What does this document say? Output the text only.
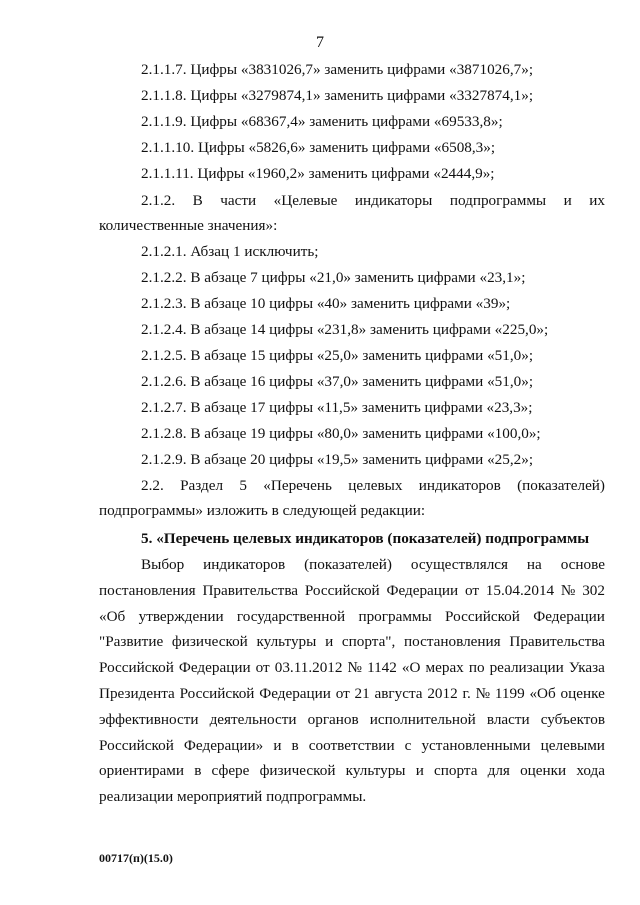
7
2.1.1.7. Цифры «3831026,7» заменить цифрами «3871026,7»;
2.1.1.8. Цифры «3279874,1» заменить цифрами «3327874,1»;
2.1.1.9. Цифры «68367,4» заменить цифрами «69533,8»;
2.1.1.10. Цифры «5826,6» заменить цифрами «6508,3»;
2.1.1.11. Цифры «1960,2» заменить цифрами «2444,9»;
2.1.2. В части «Целевые индикаторы подпрограммы и их
количественные значения»:
2.1.2.1. Абзац 1 исключить;
2.1.2.2. В абзаце 7 цифры «21,0» заменить цифрами «23,1»;
2.1.2.3. В абзаце 10 цифры «40» заменить цифрами «39»;
2.1.2.4. В абзаце 14 цифры «231,8» заменить цифрами «225,0»;
2.1.2.5. В абзаце 15 цифры «25,0» заменить цифрами «51,0»;
2.1.2.6. В абзаце 16 цифры «37,0» заменить цифрами «51,0»;
2.1.2.7. В абзаце 17 цифры «11,5» заменить цифрами «23,3»;
2.1.2.8. В абзаце 19 цифры «80,0» заменить цифрами «100,0»;
2.1.2.9. В абзаце 20 цифры «19,5» заменить цифрами «25,2»;
2.2. Раздел 5 «Перечень целевых индикаторов (показателей)
подпрограммы» изложить в следующей редакции:
5. «Перечень целевых индикаторов (показателей) подпрограммы
Выбор индикаторов (показателей) осуществлялся на основе
постановления Правительства Российской Федерации от 15.04.2014 № 302
«Об утверждении государственной программы Российской Федерации
"Развитие физической культуры и спорта", постановления Правительства
Российской Федерации от 03.11.2012 № 1142 «О мерах по реализации Указа
Президента Российской Федерации от 21 августа 2012 г. № 1199 «Об оценке
эффективности деятельности органов исполнительной власти субъектов
Российской Федерации» и в соответствии с установленными целевыми
ориентирами в сфере физической культуры и спорта для оценки хода
реализации мероприятий подпрограммы.
00717(п)(15.0)
